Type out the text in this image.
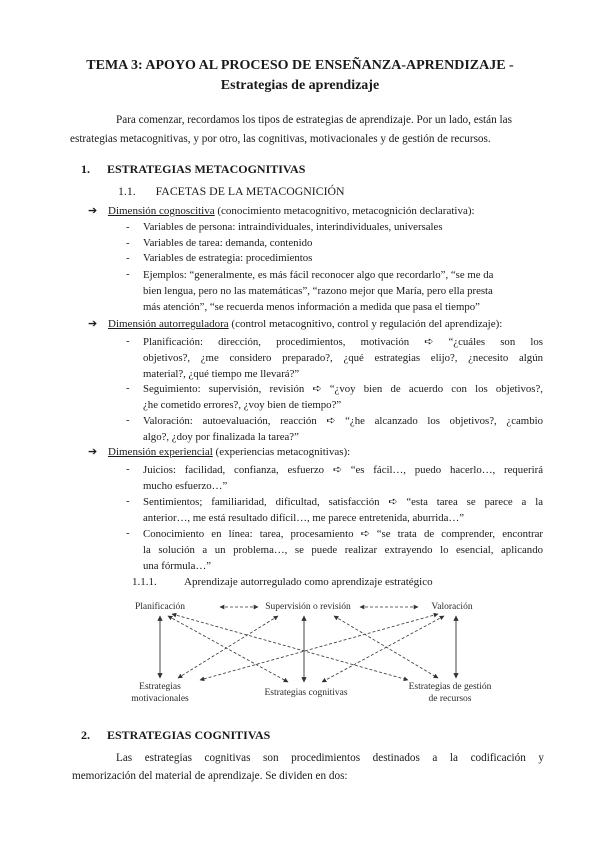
TEMA 3: APOYO AL PROCESO DE ENSEÑANZA-APRENDIZAJE -
Estrategias de aprendizaje
Para comenzar, recordamos los tipos de estrategias de aprendizaje. Por un lado, están las
estrategias metacognitivas, y por otro, las cognitivas, motivacionales y de gestión de recursos.
1. ESTRATEGIAS METACOGNITIVAS
1.1. FACETAS DE LA METACOGNICIÓN
➔ Dimensión cognoscitiva (conocimiento metacognitivo, metacognición declarativa):
- Variables de persona: intraindividuales, interindividuales, universales
- Variables de tarea: demanda, contenido
- Variables de estrategia: procedimientos
- Ejemplos: “generalmente, es más fácil reconocer algo que recordarlo”, “se me da
bien lengua, pero no las matemáticas”, “razono mejor que María, pero ella presta
más atención”, “se recuerda menos información a medida que pasa el tiempo”
➔ Dimensión autorreguladora (control metacognitivo, control y regulación del aprendizaje):
- Planificación: dirección, procedimientos, motivación ➪ “¿cuáles son los
objetivos?, ¿me considero preparado?, ¿qué estrategias elijo?, ¿necesito algún
material?, ¿qué tiempo me llevará?”
- Seguimiento: supervisión, revisión ➪ “¿voy bien de acuerdo con los objetivos?,
¿he cometido errores?, ¿voy bien de tiempo?”
- Valoración: autoevaluación, reacción ➪ “¿he alcanzado los objetivos?, ¿cambio
algo?, ¿doy por finalizada la tarea?”
➔ Dimensión experiencial (experiencias metacognitivas):
- Juicios: facilidad, confianza, esfuerzo ➪ “es fácil…, puedo hacerlo…, requerirá
mucho esfuerzo…”
- Sentimientos; familiaridad, dificultad, satisfacción ➪ “esta tarea se parece a la
anterior…, me está resultado difícil…, me parece entretenida, aburrida…”
- Conocimiento en línea: tarea, procesamiento ➪ “se trata de comprender, encontrar
la solución a un problema…, se puede realizar extrayendo lo esencial, aplicando
una fórmula…”
1.1.1. Aprendizaje autorregulado como aprendizaje estratégico
Planificación	Supervisión o revisión	Valoración
Estrategias
motivacionales
Estrategias cognitivas
Estrategias de gestión
de recursos
2. ESTRATEGIAS COGNITIVAS
Las estrategias cognitivas son procedimientos destinados a la codificación y
memorización del material de aprendizaje. Se dividen en dos:
